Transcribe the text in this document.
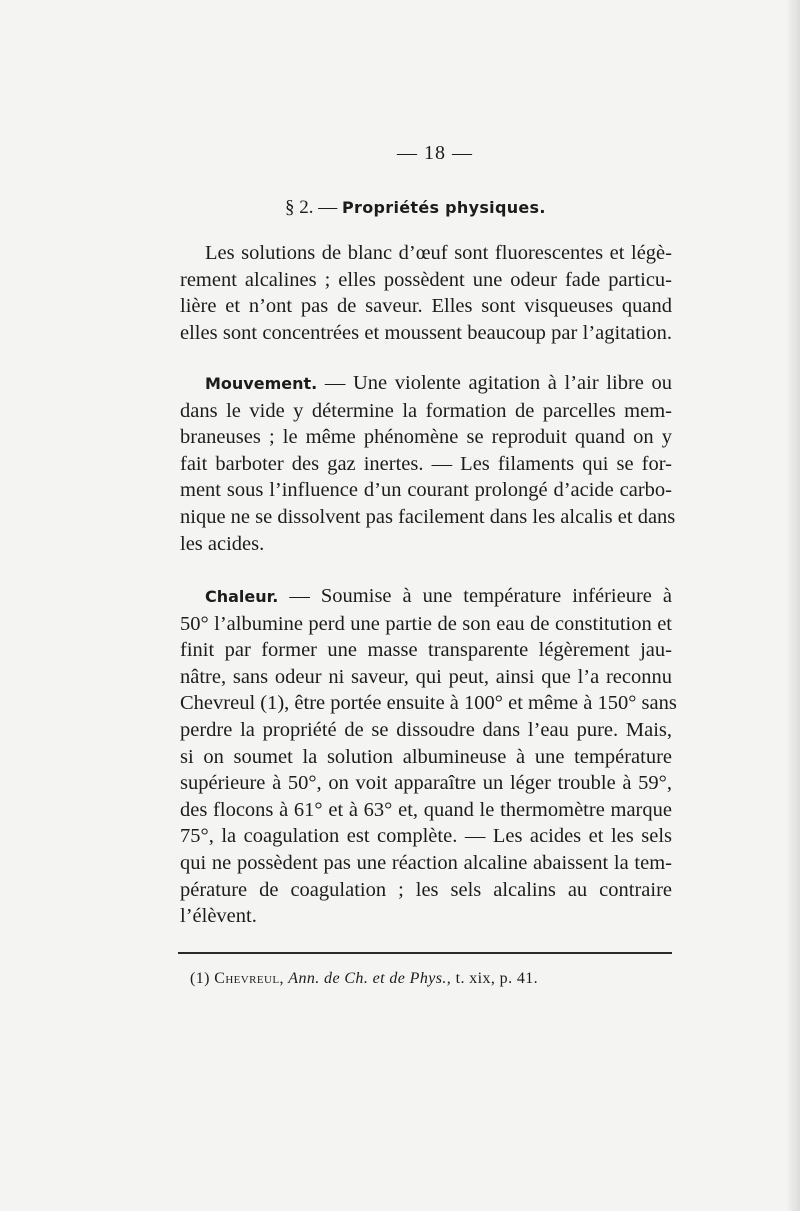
— 18 —
§ 2. — Propriétés physiques.
Les solutions de blanc d’œuf sont fluorescentes et légè-
rement alcalines ; elles possèdent une odeur fade particu-
lière et n’ont pas de saveur. Elles sont visqueuses quand
elles sont concentrées et moussent beaucoup par l’agitation.
Mouvement. — Une violente agitation à l’air libre ou
dans le vide y détermine la formation de parcelles mem-
braneuses ; le même phénomène se reproduit quand on y
fait barboter des gaz inertes. — Les filaments qui se for-
ment sous l’influence d’un courant prolongé d’acide carbo-
nique ne se dissolvent pas facilement dans les alcalis et dans
les acides.
Chaleur. — Soumise à une température inférieure à
50° l’albumine perd une partie de son eau de constitution et
finit par former une masse transparente légèrement jau-
nâtre, sans odeur ni saveur, qui peut, ainsi que l’a reconnu
Chevreul (1), être portée ensuite à 100° et même à 150° sans
perdre la propriété de se dissoudre dans l’eau pure. Mais,
si on soumet la solution albumineuse à une température
supérieure à 50°, on voit apparaître un léger trouble à 59°,
des flocons à 61° et à 63° et, quand le thermomètre marque
75°, la coagulation est complète. — Les acides et les sels
qui ne possèdent pas une réaction alcaline abaissent la tem-
pérature de coagulation ; les sels alcalins au contraire
l’élèvent.
(1) Chevreul, Ann. de Ch. et de Phys., t. xix, p. 41.
